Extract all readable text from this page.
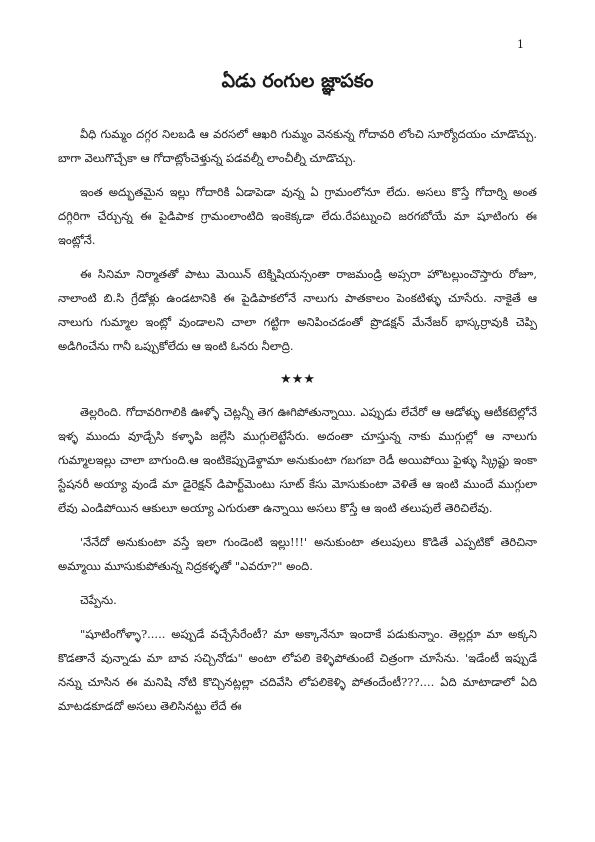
1
ఏడు రంగుల జ్ఞాపకం

వీధి గుమ్మం దగ్గర నిలబడి ఆ వరసలో ఆఖరి గుమ్మం వెనకున్న గోదావరి లోంచి సూర్యోదయం చూడొచ్చు. బాగా వెలుగొచ్చేకా ఆ గోదాట్లోంచెళ్తున్న పడవల్నీ లాంచీల్నీ చూడొచ్చు.

ఇంత అద్భుతమైన ఇల్లు గోదారికి ఏడాపెడా వున్న ఏ గ్రామంలోనూ లేదు. అసలు కొస్తే గోదార్ని అంత దగ్గిరిగా చేర్చున్న ఈ పైడిపాక గ్రామంలాంటిది ఇంకెక్కడా లేదు.రేపట్నుంచి జరగబోయే మా షూటింగు ఈ ఇంట్లోనే.

ఈ సినిమా నిర్మాతతో పాటు మెయిన్ టెక్నిషియన్సంతా రాజమండ్రి అప్సరా హొటల్లుంచొస్తారు రోజూ, నాలాంటి బి.సి గ్రేడోళ్లు ఉండటానికి ఈ పైడిపాకలోనే నాలుగు పాతకాలం పెంకటిళ్ళు చూసేరు. నాకైతే ఆ నాలుగు గుమ్మాల ఇంట్లో వుండాలని చాలా గట్టిగా అనిపించడంతో ప్రొడక్షన్ మేనేజర్ భాస్కర్రావుకి చెప్పి అడిగించేను గానీ ఒప్పుకోలేదు ఆ ఇంటి ఓనరు నీలాద్రి.

★★★

తెల్లరింది. గోదావరిగాలికి ఊళ్ళో చెట్లన్నీ తెగ ఊగిపోతున్నాయి. ఎప్పుడు లేచేరో ఆ ఆడోళ్ళు ఆటీకటెల్లోనే ఇళ్ళ ముందు వూడ్చేసి కళ్ళాపి జల్లేసి ముగ్గులెట్టేసేరు. అదంతా చూస్తున్న నాకు ముగ్గుల్లో ఆ నాలుగు గుమ్మాలఇల్లు చాలా బాగుంది.ఆ ఇంటికెప్పుడెళ్దామా అనుకుంటా గబగబా రెడీ అయిపోయి ఫైళ్ళు స్క్రిప్టు ఇంకా స్టేషనరీ అయ్యా వుండే మా డైరెక్షన్ డిపార్ట్‌మెంటు సూట్ కేసు మోసుకుంటా వెళితే ఆ ఇంటి ముందే ముగ్గులా లేవు ఎండిపోయిన ఆకులూ అయ్యా ఎగురుతా ఉన్నాయి అసలు కొస్తే ఆ ఇంటి తలుపులే తెరిచిలేవు.

'నేనేదో అనుకుంటా వస్తే ఇలా గుండెంటి ఇల్లు!!!' అనుకుంటా తలుపులు కొడితే ఎప్పటికో తెరిచినా అమ్మాయి మూసుకుపోతున్న నిద్రకళ్ళతో "ఎవరూ?" అంది.

చెప్పేను.

"షూటింగోళ్ళా?..... అప్పుడే వచ్చేసేరేంటీ? మా అక్కానేనూ ఇందాకే పడుకున్నాం. తెల్లర్లూ మా అక్కని కొడతానే వున్నాడు మా బావ సచ్చినోడు" అంటా లోపలి కెళ్ళిపోతుంటే చిత్రంగా చూసేను. 'ఇడేంటీ ఇప్పుడే నన్ను చూసిన ఈ మనిషి నోటి కొచ్చినట్లల్లా చదివేసి లోపలికెళ్ళి పోతందేంటీ???.... ఏది మాటాడాలో ఏది మాటడకూడదో అసలు తెలిసినట్టు లేదే ఈ
